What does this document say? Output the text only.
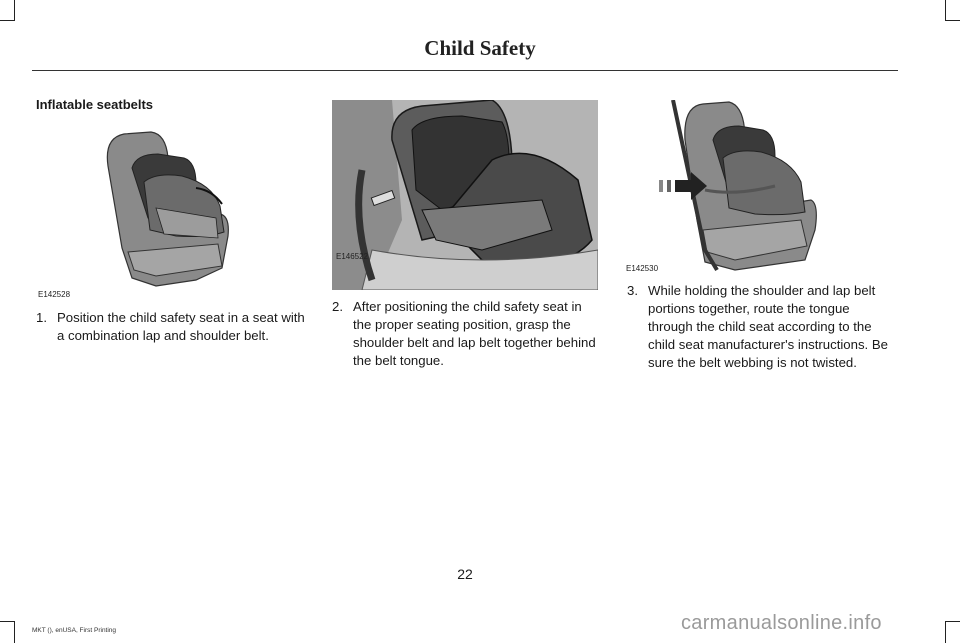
Child Safety
Inflatable seatbelts
E142528
E146522
E142530
1. Position the child safety seat in a seat with a combination lap and shoulder belt.
2. After positioning the child safety seat in the proper seating position, grasp the shoulder belt and lap belt together behind the belt tongue.
3. While holding the shoulder and lap belt portions together, route the tongue through the child seat according to the child seat manufacturer's instructions. Be sure the belt webbing is not twisted.
22
MKT (), enUSA, First Printing	carmanualsonline.info
